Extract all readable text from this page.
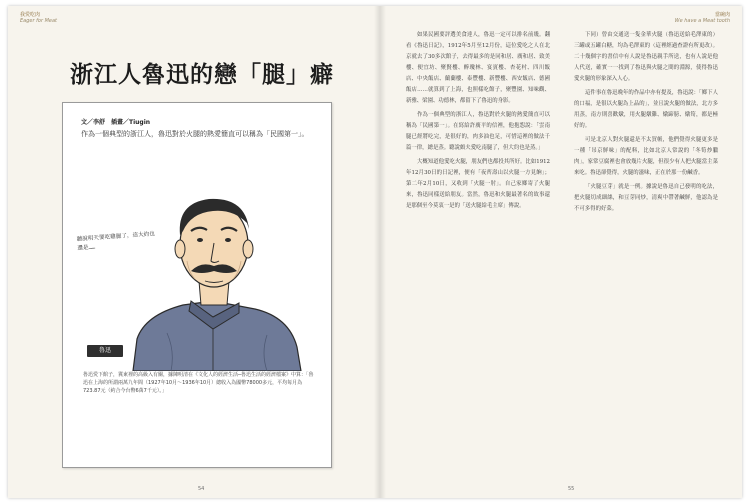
我愛吃肉
Eager for Meat
當碗肉
We have a Meat tooth
浙江人魯迅的戀「腿」癖
文／李舒　插畫／Tiugin
作為一個典型的浙江人，魯迅對於火腿的熱愛簡直可以稱為「民國第一」。
聽說明天要吃雞腿了，這大約也還是……
魯迅
魯迅愛下館子，冀東裡的高級入有關，據陳明清在《文化人的經濟生活─魯迅生活的經濟檔案》中算：「魯迅在上海的所謂兩萬九年間（1927年10月～1936年10月）總收入為國幣78000多元，平均每月為723.87元（約合今台幣6萬7千元）。」

如果民國要評選美食達人，魯迅一定可以排名前幾。翻看《魯迅日記》，1912年5月至12月份，這位愛吃之人在北京就去了30多次館子，去得最多的是同和居、廣和居、致美樓、便宜坊、聚賢樓、醉瓊林、宴賓樓、杏花村、四川飯店、中央飯店、蘭蘭樓、泰豐樓、新豐樓、西安飯店、德國飯店……就算到了上海，也照樣吃館子，聚豐園、知味觀、新雅、梁園、功德林，都留下了魯迅的身影。

作為一個典型的浙江人，魯迅對於火腿的熱愛簡直可以稱為「民國第一」。在寫給許廣平的信裡，他抱怨說：「雲南腿已經將吃完，是很好的，肉多油也足，可惜這裡的做法千篇一律，總是蒸。聽說頗夫愛吃南腿了，但大約也是蒸。」

大概知道他愛吃火腿，朋友們也都投其所好。比如1912年12月30日的日記裡，便有「夜齊壽山以火腿一方見餉」；第二年2月10日，又收到「火腿一肘」。自己家鄉寄了火腿來，魯迅同樣送給朋友。當然，魯迅和火腿最著名的故事還是那個至今莫衷一是的「送火腿給毛主席」傳說。

下同）曾由交通送一隻金華火腿（魯迅送給毛澤東的）三罐或五罐白糖，均為毛澤東的（這裡經過查證有所更改）。二十幾個字的書信中有人說是魯迅親手所送，也有人說是他人代送，確實一一找到了魯迅與火腿之間的淵源，使得魯迅愛火腿的形象深入人心。

這件事在魯迅晚年的作品中亦有提及，魯迅說：「鄉下人的口福，是很以火腿為上品的」，並且說火腿的做法，北方多用蒸，南方則喜歡燉，用火腿燉雞、燉蹄膀、燉筍，都是極好的。

可是北京人對火腿還是不太買帳，他們覺得火腿更多是一種「吊京鮮味」的配料，比如北京人常說的「冬筍炒臘肉」，家常豆腐裡也會放幾片火腿，但很少有人把火腿當主菜來吃。魯迅卻覺得，火腿的滋味，正在於那一份鹹香。

「火腿豆芽」就是一例。據說是魯迅自己發明的吃法，把火腿切成細絲，和豆芽同炒，清爽中帶著鹹鮮，他認為是不可多得的好菜。

54	55
